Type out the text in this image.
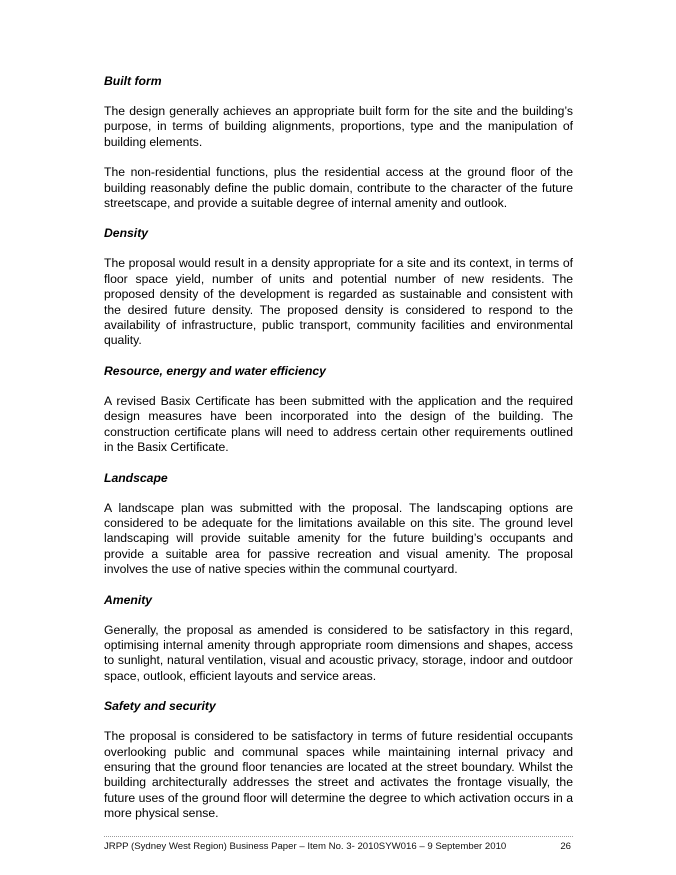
Built form

The design generally achieves an appropriate built form for the site and the building’s purpose, in terms of building alignments, proportions, type and the manipulation of building elements.

The non-residential functions, plus the residential access at the ground floor of the building reasonably define the public domain, contribute to the character of the future streetscape, and provide a suitable degree of internal amenity and outlook.

Density

The proposal would result in a density appropriate for a site and its context, in terms of floor space yield, number of units and potential number of new residents. The proposed density of the development is regarded as sustainable and consistent with the desired future density. The proposed density is considered to respond to the availability of infrastructure, public transport, community facilities and environmental quality.

Resource, energy and water efficiency

A revised Basix Certificate has been submitted with the application and the required design measures have been incorporated into the design of the building. The construction certificate plans will need to address certain other requirements outlined in the Basix Certificate.

Landscape

A landscape plan was submitted with the proposal. The landscaping options are considered to be adequate for the limitations available on this site. The ground level landscaping will provide suitable amenity for the future building’s occupants and provide a suitable area for passive recreation and visual amenity. The proposal involves the use of native species within the communal courtyard.

Amenity

Generally, the proposal as amended is considered to be satisfactory in this regard, optimising internal amenity through appropriate room dimensions and shapes, access to sunlight, natural ventilation, visual and acoustic privacy, storage, indoor and outdoor space, outlook, efficient layouts and service areas.

Safety and security

The proposal is considered to be satisfactory in terms of future residential occupants overlooking public and communal spaces while maintaining internal privacy and ensuring that the ground floor tenancies are located at the street boundary. Whilst the building architecturally addresses the street and activates the frontage visually, the future uses of the ground floor will determine the degree to which activation occurs in a more physical sense.

JRPP (Sydney West Region) Business Paper – Item No. 3- 2010SYW016 – 9 September 2010	26
